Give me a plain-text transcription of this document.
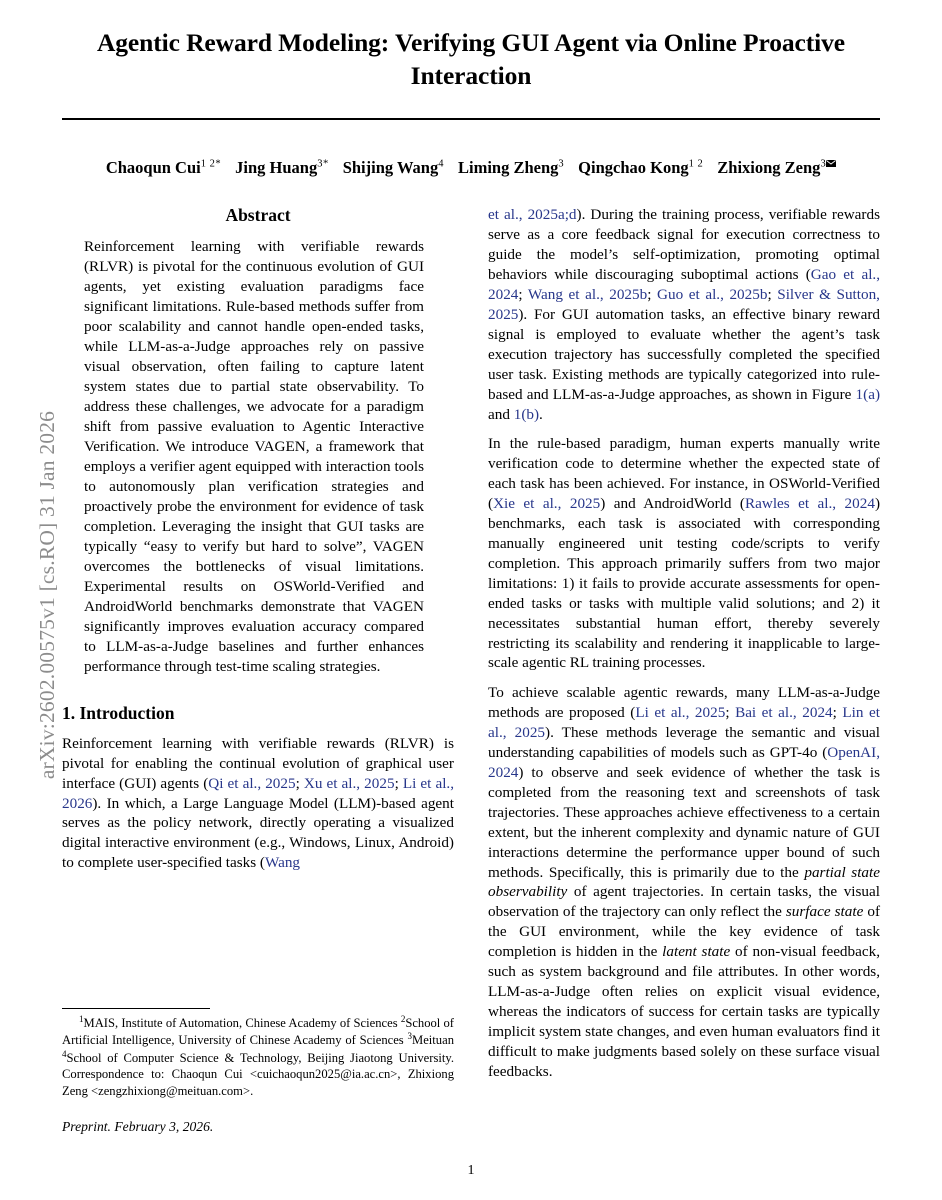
arXiv:2602.00575v1 [cs.RO] 31 Jan 2026
Agentic Reward Modeling: Verifying GUI Agent via Online Proactive Interaction
Chaoqun Cui$^{1 2*}$ Jing Huang$^{3*}$ Shijing Wang$^4$ Liming Zheng$^3$ Qingchao Kong$^{1 2}$ Zhixiong Zeng$^3$
Abstract
Reinforcement learning with verifiable rewards (RLVR) is pivotal for the continuous evolution of GUI agents, yet existing evaluation paradigms face significant limitations. Rule-based methods suffer from poor scalability and cannot handle open-ended tasks, while LLM-as-a-Judge approaches rely on passive visual observation, often failing to capture latent system states due to partial state observability. To address these challenges, we advocate for a paradigm shift from passive evaluation to Agentic Interactive Verification. We introduce VAGEN, a framework that employs a verifier agent equipped with interaction tools to autonomously plan verification strategies and proactively probe the environment for evidence of task completion. Leveraging the insight that GUI tasks are typically “easy to verify but hard to solve”, VAGEN overcomes the bottlenecks of visual limitations. Experimental results on OSWorld-Verified and AndroidWorld benchmarks demonstrate that VAGEN significantly improves evaluation accuracy compared to LLM-as-a-Judge baselines and further enhances performance through test-time scaling strategies.
1. Introduction

Reinforcement learning with verifiable rewards (RLVR) is pivotal for enabling the continual evolution of graphical user interface (GUI) agents (Qi et al., 2025; Xu et al., 2025; Li et al., 2026). In which, a Large Language Model (LLM)-based agent serves as the policy network, directly operating a visualized digital interactive environment (e.g., Windows, Linux, Android) to complete user-specified tasks (Wang

et al., 2025a;d). During the training process, verifiable rewards serve as a core feedback signal for execution correctness to guide the model’s self-optimization, promoting optimal behaviors while discouraging suboptimal actions (Gao et al., 2024; Wang et al., 2025b; Guo et al., 2025b; Silver & Sutton, 2025). For GUI automation tasks, an effective binary reward signal is employed to evaluate whether the agent’s task execution trajectory has successfully completed the specified user task. Existing methods are typically categorized into rule-based and LLM-as-a-Judge approaches, as shown in Figure 1(a) and 1(b).

In the rule-based paradigm, human experts manually write verification code to determine whether the expected state of each task has been achieved. For instance, in OSWorld-Verified (Xie et al., 2025) and AndroidWorld (Rawles et al., 2024) benchmarks, each task is associated with corresponding manually engineered unit testing code/scripts to verify completion. This approach primarily suffers from two major limitations: 1) it fails to provide accurate assessments for open-ended tasks or tasks with multiple valid solutions; and 2) it necessitates substantial human effort, thereby severely restricting its scalability and rendering it inapplicable to large-scale agentic RL training processes.

To achieve scalable agentic rewards, many LLM-as-a-Judge methods are proposed (Li et al., 2025; Bai et al., 2024; Lin et al., 2025). These methods leverage the semantic and visual understanding capabilities of models such as GPT-4o (OpenAI, 2024) to observe and seek evidence of whether the task is completed from the reasoning text and screenshots of task trajectories. These approaches achieve effectiveness to a certain extent, but the inherent complexity and dynamic nature of GUI interactions determine the performance upper bound of such methods. Specifically, this is primarily due to the partial state observability of agent trajectories. In certain tasks, the visual observation of the trajectory can only reflect the surface state of the GUI environment, while the key evidence of task completion is hidden in the latent state of non-visual feedback, such as system background and file attributes. In other words, LLM-as-a-Judge often relies on explicit visual evidence, whereas the indicators of success for certain tasks are typically implicit system state changes, and even human evaluators find it difficult to make judgments based solely on these surface visual feedbacks.

$^1$MAIS, Institute of Automation, Chinese Academy of Sciences $^2$School of Artificial Intelligence, University of Chinese Academy of Sciences $^3$Meituan $^4$School of Computer Science & Technology, Beijing Jiaotong University. Correspondence to: Chaoqun Cui <cuichaoqun2025@ia.ac.cn>, Zhixiong Zeng <zengzhixiong@meituan.com>.

Preprint. February 3, 2026.
1
